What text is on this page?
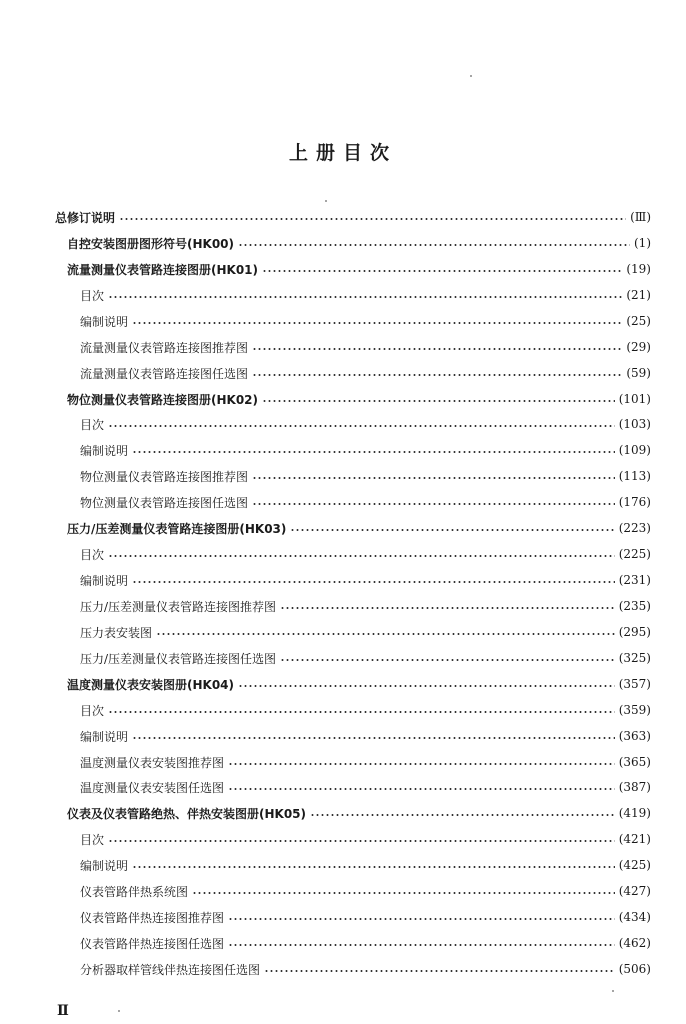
上册目次
总修订说明	(Ⅲ)
自控安装图册图形符号(HK00)	(1)
流量测量仪表管路连接图册(HK01)	(19)
目次	(21)
编制说明	(25)
流量测量仪表管路连接图推荐图	(29)
流量测量仪表管路连接图任选图	(59)
物位测量仪表管路连接图册(HK02)	(101)
目次	(103)
编制说明	(109)
物位测量仪表管路连接图推荐图	(113)
物位测量仪表管路连接图任选图	(176)
压力/压差测量仪表管路连接图册(HK03)	(223)
目次	(225)
编制说明	(231)
压力/压差测量仪表管路连接图推荐图	(235)
压力表安装图	(295)
压力/压差测量仪表管路连接图任选图	(325)
温度测量仪表安装图册(HK04)	(357)
目次	(359)
编制说明	(363)
温度测量仪表安装图推荐图	(365)
温度测量仪表安装图任选图	(387)
仪表及仪表管路绝热、伴热安装图册(HK05)	(419)
目次	(421)
编制说明	(425)
仪表管路伴热系统图	(427)
仪表管路伴热连接图推荐图	(434)
仪表管路伴热连接图任选图	(462)
分析器取样管线伴热连接图任选图	(506)
Ⅱ
